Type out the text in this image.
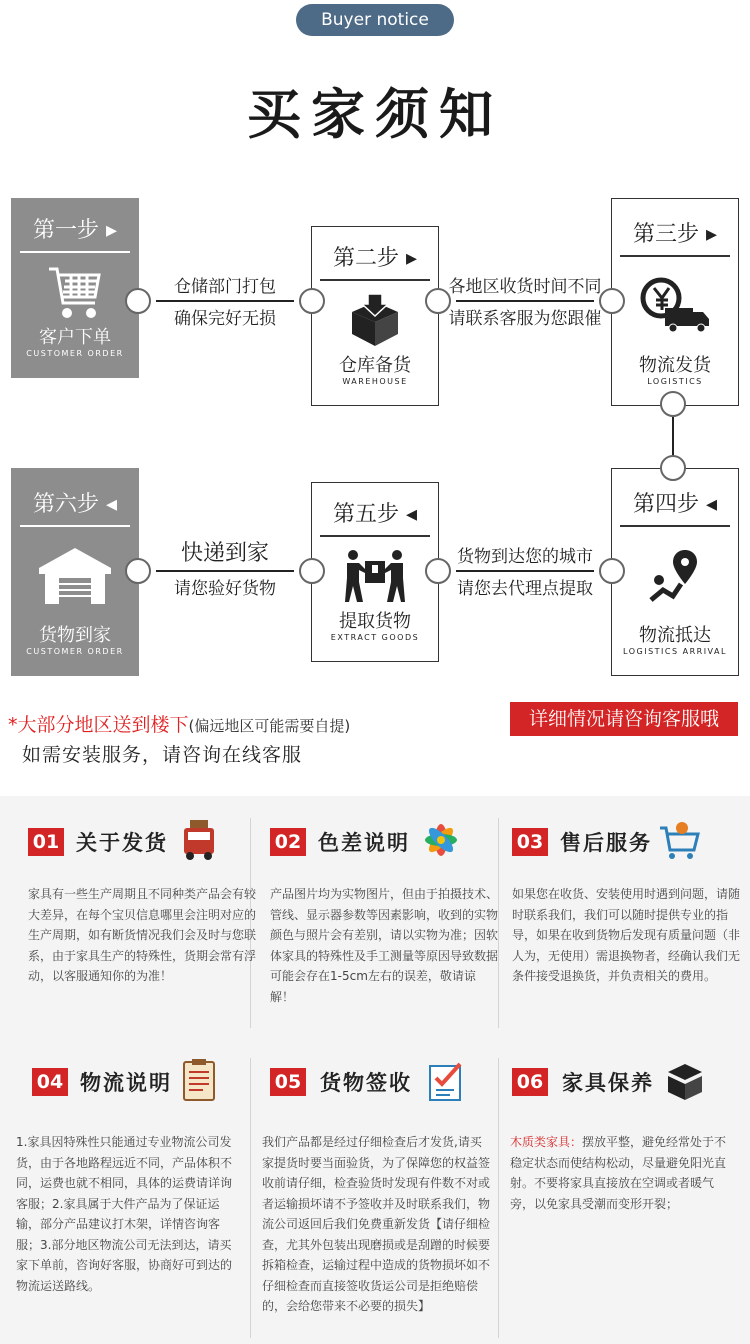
Buyer notice
买家须知
第一步 ▸
客户下单
CUSTOMER ORDER
第二步 ▸
仓库备货
WAREHOUSE
第三步 ▸
物流发货
LOGISTICS
第四步 ◂
物流抵达
LOGISTICS ARRIVAL
第五步 ◂
提取货物
EXTRACT GOODS
第六步 ◂
货物到家
CUSTOMER ORDER
仓储部门打包
确保完好无损
各地区收货时间不同
请联系客服为您跟催
货物到达您的城市
请您去代理点提取
快递到家
请您验好货物
*大部分地区送到楼下(偏远地区可能需要自提)
如需安装服务，请咨询在线客服
详细情况请咨询客服哦
01 关于发货
家具有一些生产周期且不同种类产品会有较大差异，在每个宝贝信息哪里会注明对应的生产周期，如有断货情况我们会及时与您联系，由于家具生产的特殊性，货期会常有浮动，以客服通知你的为准！
02 色差说明
产品图片均为实物图片，但由于拍摄技术、管线、显示器参数等因素影响，收到的实物颜色与照片会有差别，请以实物为准；因软体家具的特殊性及手工测量等原因导致数据可能会存在1-5cm左右的误差，敬请谅解！
03 售后服务
如果您在收货、安装使用时遇到问题，请随时联系我们，我们可以随时提供专业的指导，如果在收到货物后发现有质量问题（非人为，无使用）需退换物者，经确认我们无条件接受退换货，并负责相关的费用。
04 物流说明
1.家具因特殊性只能通过专业物流公司发货，由于各地路程远近不同，产品体积不同，运费也就不相同，具体的运费请详询客服；2.家具属于大件产品为了保证运输，部分产品建议打木架，详情咨询客服；3.部分地区物流公司无法到达，请买家下单前，咨询好客服，协商好可到达的物流运送路线。
05 货物签收
我们产品都是经过仔细检查后才发货,请买家提货时要当面验货，为了保障您的权益签收前请仔细，检查验货时发现有件数不对或者运输损坏请不予签收并及时联系我们，物流公司返回后我们免费重新发货【请仔细检查，尤其外包装出现磨损或是刮蹭的时候要拆箱检查，运输过程中造成的货物损坏如不仔细检查而直接签收货运公司是拒绝赔偿的，会给您带来不必要的损失】
06 家具保养
木质类家具：摆放平整，避免经常处于不稳定状态而使结构松动，尽量避免阳光直射。不要将家具直接放在空调或者暖气旁，以免家具受潮而变形开裂；
